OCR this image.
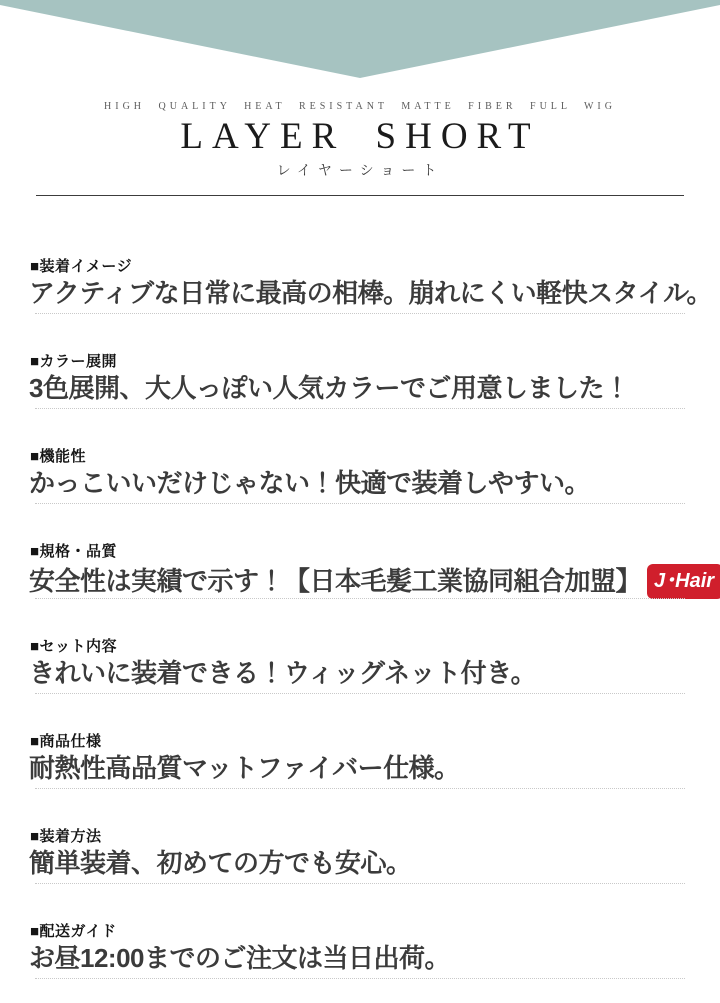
HIGH QUALITY HEAT RESISTANT MATTE FIBER FULL WIG
LAYER SHORT
レイヤーショート
■装着イメージ
アクティブな日常に最高の相棒。崩れにくい軽快スタイル。
■カラー展開
3色展開、大人っぽい人気カラーでご用意しました！
■機能性
かっこいいだけじゃない！快適で装着しやすい。
■規格・品質
安全性は実績で示す！【日本毛髪工業協同組合加盟】 J･Hair
■セット内容
きれいに装着できる！ウィッグネット付き。
■商品仕様
耐熱性高品質マットファイバー仕様。
■装着方法
簡単装着、初めての方でも安心。
■配送ガイド
お昼12:00までのご注文は当日出荷。
